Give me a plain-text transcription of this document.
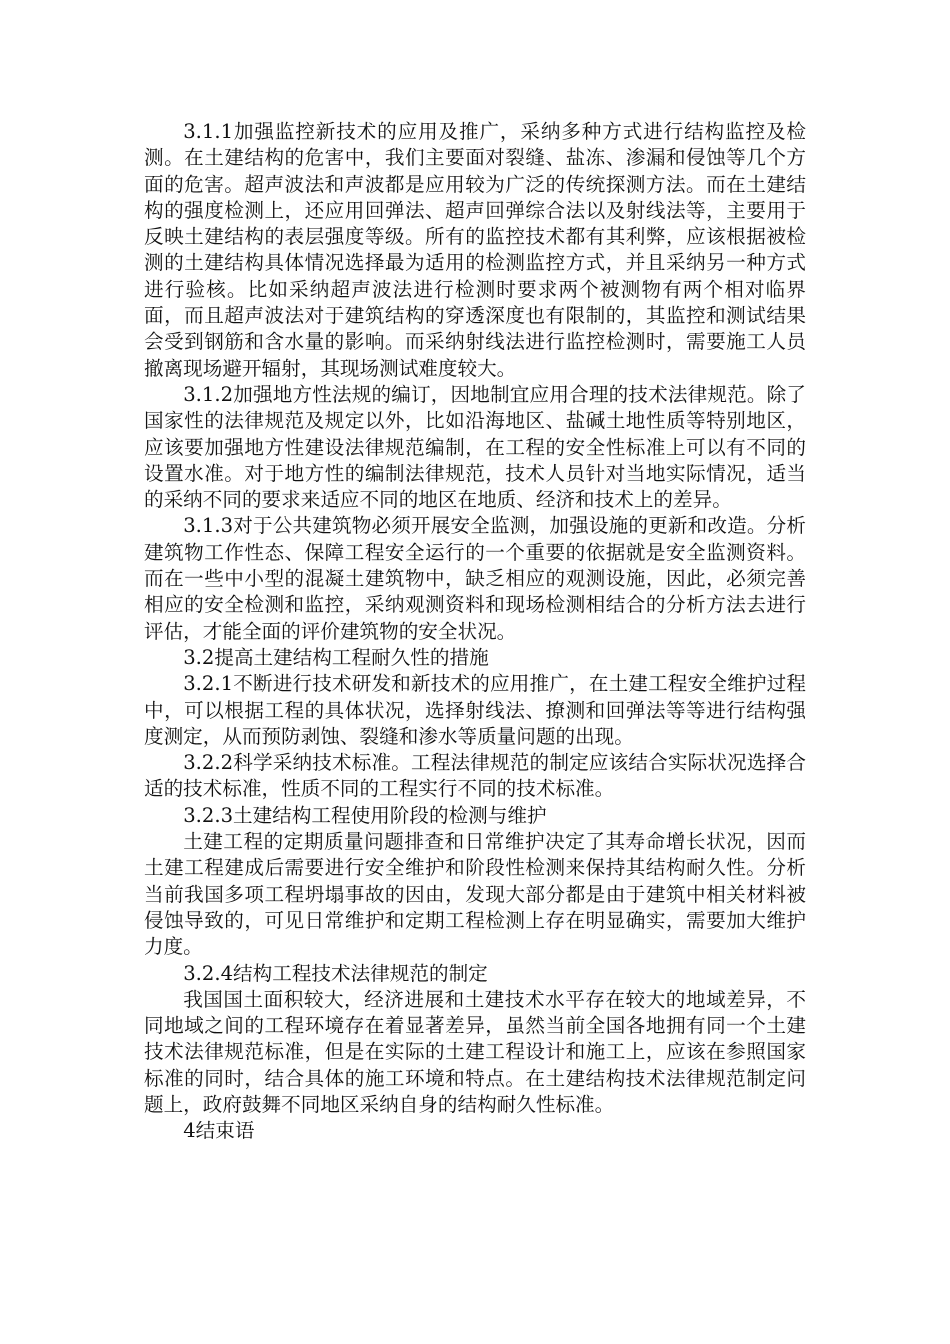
3.1.1加强监控新技术的应用及推广，采纳多种方式进行结构监控及检测。在土建结构的危害中，我们主要面对裂缝、盐冻、渗漏和侵蚀等几个方面的危害。超声波法和声波都是应用较为广泛的传统探测方法。而在土建结构的强度检测上，还应用回弹法、超声回弹综合法以及射线法等，主要用于反映土建结构的表层强度等级。所有的监控技术都有其利弊，应该根据被检测的土建结构具体情况选择最为适用的检测监控方式，并且采纳另一种方式进行验核。比如采纳超声波法进行检测时要求两个被测物有两个相对临界面，而且超声波法对于建筑结构的穿透深度也有限制的，其监控和测试结果会受到钢筋和含水量的影响。而采纳射线法进行监控检测时，需要施工人员撤离现场避开辐射，其现场测试难度较大。

3.1.2加强地方性法规的编订，因地制宜应用合理的技术法律规范。除了国家性的法律规范及规定以外，比如沿海地区、盐碱土地性质等特别地区，应该要加强地方性建设法律规范编制，在工程的安全性标准上可以有不同的设置水准。对于地方性的编制法律规范，技术人员针对当地实际情况，适当的采纳不同的要求来适应不同的地区在地质、经济和技术上的差异。

3.1.3对于公共建筑物必须开展安全监测，加强设施的更新和改造。分析建筑物工作性态、保障工程安全运行的一个重要的依据就是安全监测资料。而在一些中小型的混凝土建筑物中，缺乏相应的观测设施，因此，必须完善相应的安全检测和监控，采纳观测资料和现场检测相结合的分析方法去进行评估，才能全面的评价建筑物的安全状况。

3.2提高土建结构工程耐久性的措施

3.2.1不断进行技术研发和新技术的应用推广，在土建工程安全维护过程中，可以根据工程的具体状况，选择射线法、撩测和回弹法等等进行结构强度测定，从而预防剥蚀、裂缝和渗水等质量问题的出现。

3.2.2科学采纳技术标准。工程法律规范的制定应该结合实际状况选择合适的技术标准，性质不同的工程实行不同的技术标准。

3.2.3土建结构工程使用阶段的检测与维护

土建工程的定期质量问题排查和日常维护决定了其寿命增长状况，因而土建工程建成后需要进行安全维护和阶段性检测来保持其结构耐久性。分析当前我国多项工程坍塌事故的因由，发现大部分都是由于建筑中相关材料被侵蚀导致的，可见日常维护和定期工程检测上存在明显确实，需要加大维护力度。

3.2.4结构工程技术法律规范的制定

我国国土面积较大，经济进展和土建技术水平存在较大的地域差异，不同地域之间的工程环境存在着显著差异，虽然当前全国各地拥有同一个土建技术法律规范标准，但是在实际的土建工程设计和施工上，应该在参照国家标准的同时，结合具体的施工环境和特点。在土建结构技术法律规范制定问题上，政府鼓舞不同地区采纳自身的结构耐久性标准。

4结束语
